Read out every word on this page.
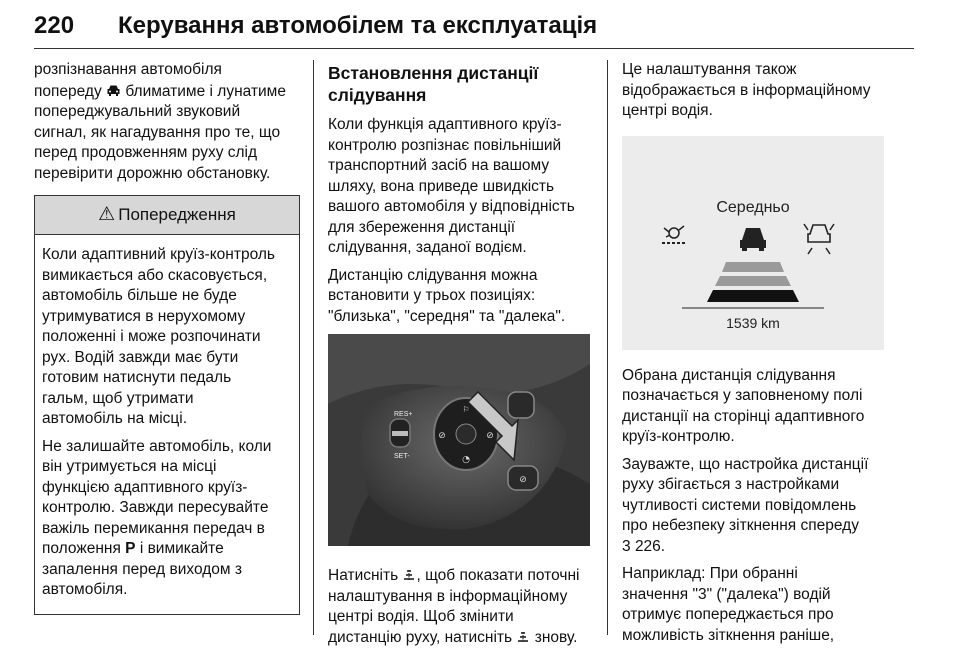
220 Керування автомобілем та експлуатація

розпізнавання автомобіля
попереду блиматиме і лунатиме
попереджувальний звуковий
сигнал, як нагадування про те, що
перед продовженням руху слід
перевірити дорожню обстановку.

⚠ Попередження

Коли адаптивний круїз-контроль
вимикається або скасовується,
автомобіль більше не буде
утримуватися в нерухомому
положенні і може розпочинати
рух. Водій завжди має бути
готовим натиснути педаль
гальм, щоб утримати
автомобіль на місці.

Не залишайте автомобіль, коли
він утримується на місці
функцією адаптивного круїз-
контролю. Завжди пересувайте
важіль перемикання передач в
положення P і вимикайте
запалення перед виходом з
автомобіля.

Встановлення дистанції
слідування

Коли функція адаптивного круїз-
контролю розпізнає повільніший
транспортний засіб на вашому
шляху, вона приведе швидкість
вашого автомобіля у відповідність
для збереження дистанції
слідування, заданої водієм.

Дистанцію слідування можна
встановити у трьох позиціях:
"близька", "середня" та "далека".

⚐
⊘	⊘
◔
RES+
SET-
⊘

Натисніть , щоб показати поточні
налаштування в інформаційному
центрі водія. Щоб змінити
дистанцію руху, натисніть знову.

Це налаштування також
відображається в інформаційному
центрі водія.

Середньо
1539 km

Обрана дистанція слідування
позначається у заповненому полі
дистанції на сторінці адаптивного
круїз-контролю.

Зауважте, що настройка дистанції
руху збігається з настройками
чутливості системи повідомлень
про небезпеку зіткнення спереду
3 226.

Наприклад: При обранні
значення "3" ("далека") водій
отримує попереджається про
можливість зіткнення раніше,
